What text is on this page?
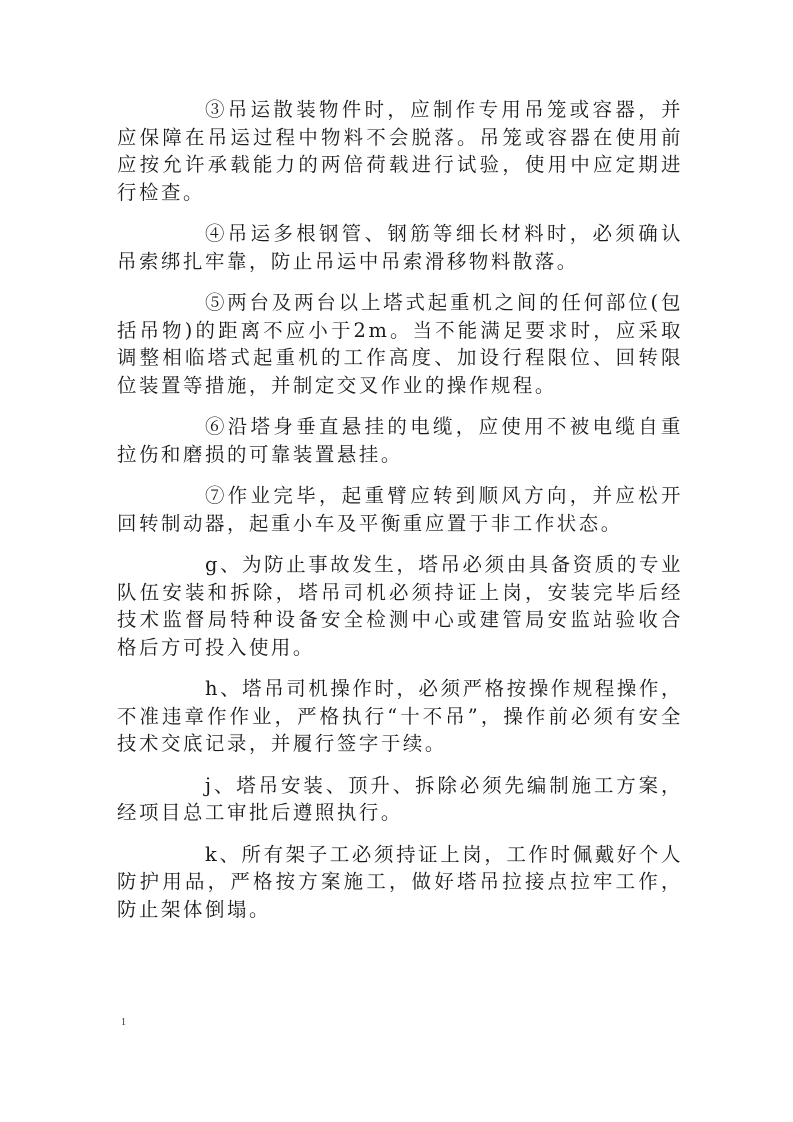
③吊运散装物件时，应制作专用吊笼或容器，并应保障在吊运过程中物料不会脱落。吊笼或容器在使用前应按允许承载能力的两倍荷载进行试验，使用中应定期进行检查。

④吊运多根钢管、钢筋等细长材料时，必须确认吊索绑扎牢靠，防止吊运中吊索滑移物料散落。

⑤两台及两台以上塔式起重机之间的任何部位(包括吊物)的距离不应小于2m。当不能满足要求时，应采取调整相临塔式起重机的工作高度、加设行程限位、回转限位装置等措施，并制定交叉作业的操作规程。

⑥沿塔身垂直悬挂的电缆，应使用不被电缆自重拉伤和磨损的可靠装置悬挂。

⑦作业完毕，起重臂应转到顺风方向，并应松开回转制动器，起重小车及平衡重应置于非工作状态。

g、为防止事故发生，塔吊必须由具备资质的专业队伍安装和拆除，塔吊司机必须持证上岗，安装完毕后经技术监督局特种设备安全检测中心或建管局安监站验收合格后方可投入使用。

h、塔吊司机操作时，必须严格按操作规程操作，不准违章作作业，严格执行“十不吊”，操作前必须有安全技术交底记录，并履行签字于续。

j、塔吊安装、顶升、拆除必须先编制施工方案，经项目总工审批后遵照执行。

k、所有架子工必须持证上岗，工作时佩戴好个人防护用品，严格按方案施工，做好塔吊拉接点拉牢工作，防止架体倒塌。

1
